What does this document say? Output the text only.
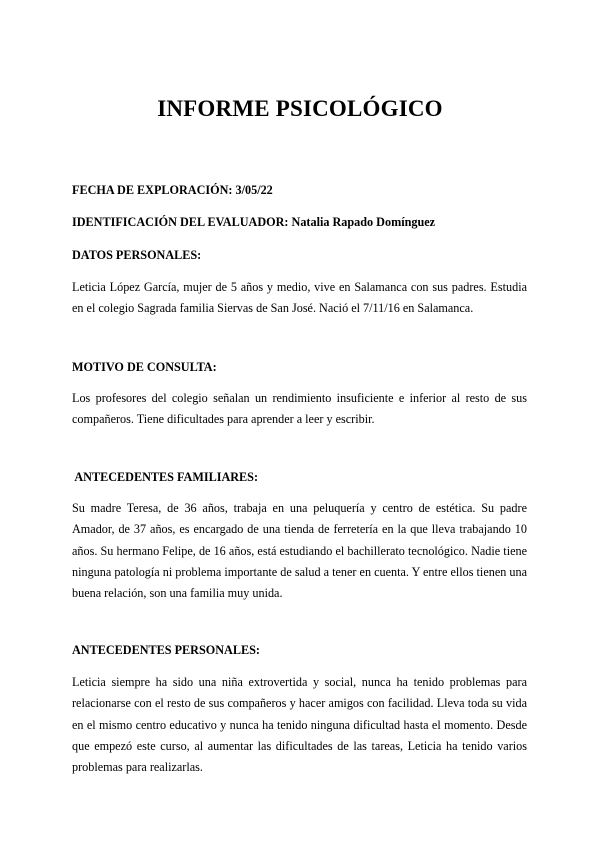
INFORME PSICOLÓGICO
FECHA DE EXPLORACIÓN: 3/05/22
IDENTIFICACIÓN DEL EVALUADOR: Natalia Rapado Domínguez
DATOS PERSONALES:
Leticia López García, mujer de 5 años y medio, vive en Salamanca con sus padres. Estudia en el colegio Sagrada familia Siervas de San José. Nació el 7/11/16 en Salamanca.
MOTIVO DE CONSULTA:
Los profesores del colegio señalan un rendimiento insuficiente e inferior al resto de sus compañeros. Tiene dificultades para aprender a leer y escribir.
ANTECEDENTES FAMILIARES:
Su madre Teresa, de 36 años, trabaja en una peluquería y centro de estética. Su padre Amador, de 37 años, es encargado de una tienda de ferretería en la que lleva trabajando 10 años. Su hermano Felipe, de 16 años, está estudiando el bachillerato tecnológico. Nadie tiene ninguna patología ni problema importante de salud a tener en cuenta. Y entre ellos tienen una buena relación, son una familia muy unida.
ANTECEDENTES PERSONALES:
Leticia siempre ha sido una niña extrovertida y social, nunca ha tenido problemas para relacionarse con el resto de sus compañeros y hacer amigos con facilidad. Lleva toda su vida en el mismo centro educativo y nunca ha tenido ninguna dificultad hasta el momento. Desde que empezó este curso, al aumentar las dificultades de las tareas, Leticia ha tenido varios problemas para realizarlas.
